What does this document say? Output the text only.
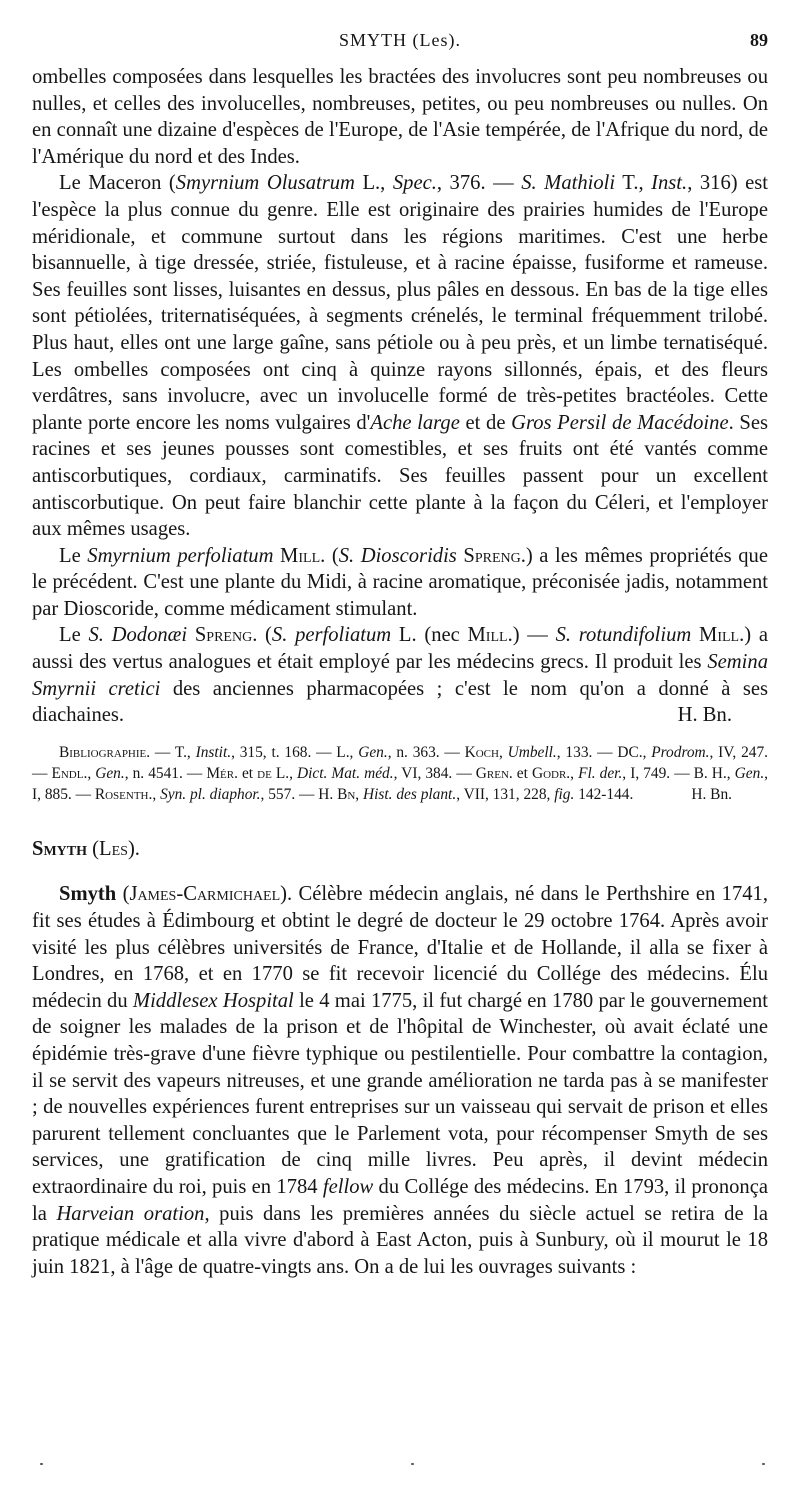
SMYTH (Les).	89

ombelles composées dans lesquelles les bractées des involucres sont peu nombreuses ou nulles, et celles des involucelles, nombreuses, petites, ou peu nombreuses ou nulles. On en connaît une dizaine d'espèces de l'Europe, de l'Asie tempérée, de l'Afrique du nord, de l'Amérique du nord et des Indes.

Le Maceron (Smyrnium Olusatrum L., Spec., 376. — S. Mathioli T., Inst., 316) est l'espèce la plus connue du genre. Elle est originaire des prairies humides de l'Europe méridionale, et commune surtout dans les régions maritimes. C'est une herbe bisannuelle, à tige dressée, striée, fistuleuse, et à racine épaisse, fusiforme et rameuse. Ses feuilles sont lisses, luisantes en dessus, plus pâles en dessous. En bas de la tige elles sont pétiolées, triternatiséquées, à segments crénelés, le terminal fréquemment trilobé. Plus haut, elles ont une large gaîne, sans pétiole ou à peu près, et un limbe ternatiséqué. Les ombelles composées ont cinq à quinze rayons sillonnés, épais, et des fleurs verdâtres, sans involucre, avec un involucelle formé de très-petites bractéoles. Cette plante porte encore les noms vulgaires d'Ache large et de Gros Persil de Macédoine. Ses racines et ses jeunes pousses sont comestibles, et ses fruits ont été vantés comme antiscorbutiques, cordiaux, carminatifs. Ses feuilles passent pour un excellent antiscorbutique. On peut faire blanchir cette plante à la façon du Céleri, et l'employer aux mêmes usages.

Le Smyrnium perfoliatum Mill. (S. Dioscoridis Spreng.) a les mêmes propriétés que le précédent. C'est une plante du Midi, à racine aromatique, préconisée jadis, notamment par Dioscoride, comme médicament stimulant.

Le S. Dodonæi Spreng. (S. perfoliatum L. (nec Mill.) — S. rotundifolium Mill.) a aussi des vertus analogues et était employé par les médecins grecs. Il produit les Semina Smyrnii cretici des anciennes pharmacopées ; c'est le nom qu'on a donné à ses diachaines.	H. Bn.

Bibliographie. — T., Instit., 315, t. 168. — L., Gen., n. 363. — Koch, Umbell., 133. — DC., Prodrom., IV, 247. — Endl., Gen., n. 4541. — Mér. et de L., Dict. Mat. méd., VI, 384. — Gren. et Godr., Fl. der., I, 749. — B. H., Gen., I, 885. — Rosenth., Syn. pl. diaphor., 557. — H. Bn, Hist. des plant., VII, 131, 228, fig. 142-144.	H. Bn.

Smyth (Les).

Smyth (James-Carmichael). Célèbre médecin anglais, né dans le Perthshire en 1741, fit ses études à Édimbourg et obtint le degré de docteur le 29 octobre 1764. Après avoir visité les plus célèbres universités de France, d'Italie et de Hollande, il alla se fixer à Londres, en 1768, et en 1770 se fit recevoir licencié du Collége des médecins. Élu médecin du Middlesex Hospital le 4 mai 1775, il fut chargé en 1780 par le gouvernement de soigner les malades de la prison et de l'hôpital de Winchester, où avait éclaté une épidémie très-grave d'une fièvre typhique ou pestilentielle. Pour combattre la contagion, il se servit des vapeurs nitreuses, et une grande amélioration ne tarda pas à se manifester ; de nouvelles expériences furent entreprises sur un vaisseau qui servait de prison et elles parurent tellement concluantes que le Parlement vota, pour récompenser Smyth de ses services, une gratification de cinq mille livres. Peu après, il devint médecin extraordinaire du roi, puis en 1784 fellow du Collége des médecins. En 1793, il prononça la Harveian oration, puis dans les premières années du siècle actuel se retira de la pratique médicale et alla vivre d'abord à East Acton, puis à Sunbury, où il mourut le 18 juin 1821, à l'âge de quatre-vingts ans. On a de lui les ouvrages suivants :
